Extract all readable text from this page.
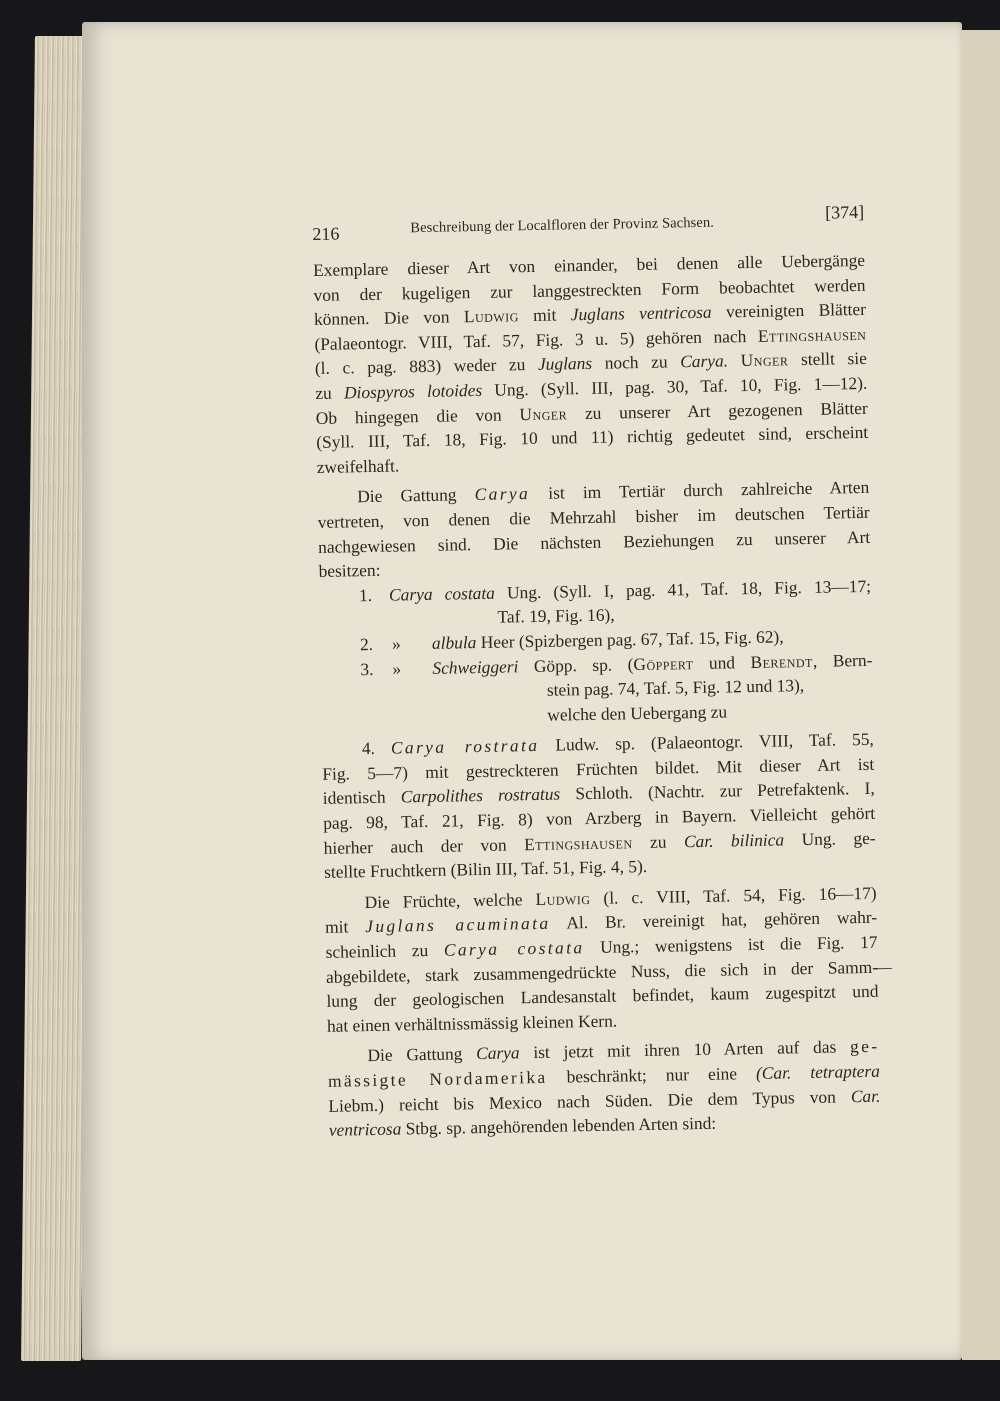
216	Beschreibung der Localfloren der Provinz Sachsen.
[374]
Exemplare dieser Art von einander, bei denen alle Uebergänge
von der kugeligen zur langgestreckten Form beobachtet werden
können. Die von Ludwig mit Juglans ventricosa vereinigten Blätter
(Palaeontogr. VIII, Taf. 57, Fig. 3 u. 5) gehören nach Ettingshausen
(l. c. pag. 883) weder zu Juglans noch zu Carya. Unger stellt sie
zu Diospyros lotoides Ung. (Syll. III, pag. 30, Taf. 10, Fig. 1—12).
Ob hingegen die von Unger zu unserer Art gezogenen Blätter
(Syll. III, Taf. 18, Fig. 10 und 11) richtig gedeutet sind, erscheint
zweifelhaft.
Die Gattung Carya ist im Tertiär durch zahlreiche Arten
vertreten, von denen die Mehrzahl bisher im deutschen Tertiär
nachgewiesen sind. Die nächsten Beziehungen zu unserer Art
besitzen:
1. Carya costata Ung. (Syll. I, pag. 41, Taf. 18, Fig. 13—17;
Taf. 19, Fig. 16),
2. » albula Heer (Spizbergen pag. 67, Taf. 15, Fig. 62),
3. » Schweiggeri Göpp. sp. (Göppert und Berendt, Bern-
stein pag. 74, Taf. 5, Fig. 12 und 13),
welche den Uebergang zu
4. Carya rostrata Ludw. sp. (Palaeontogr. VIII, Taf. 55,
Fig. 5—7) mit gestreckteren Früchten bildet. Mit dieser Art ist
identisch Carpolithes rostratus Schloth. (Nachtr. zur Petrefaktenk. I,
pag. 98, Taf. 21, Fig. 8) von Arzberg in Bayern. Vielleicht gehört
hierher auch der von Ettingshausen zu Car. bilinica Ung. ge-
stellte Fruchtkern (Bilin III, Taf. 51, Fig. 4, 5).
Die Früchte, welche Ludwig (l. c. VIII, Taf. 54, Fig. 16—17)
mit Juglans acuminata Al. Br. vereinigt hat, gehören wahr-
scheinlich zu Carya costata Ung.; wenigstens ist die Fig. 17
abgebildete, stark zusammengedrückte Nuss, die sich in der Samm-
—
lung der geologischen Landesanstalt befindet, kaum zugespitzt und
hat einen verhältnissmässig kleinen Kern.
Die Gattung Carya ist jetzt mit ihren 10 Arten auf das ge-
mässigte Nordamerika beschränkt; nur eine (Car. tetraptera
Liebm.) reicht bis Mexico nach Süden. Die dem Typus von Car.
ventricosa Stbg. sp. angehörenden lebenden Arten sind:
